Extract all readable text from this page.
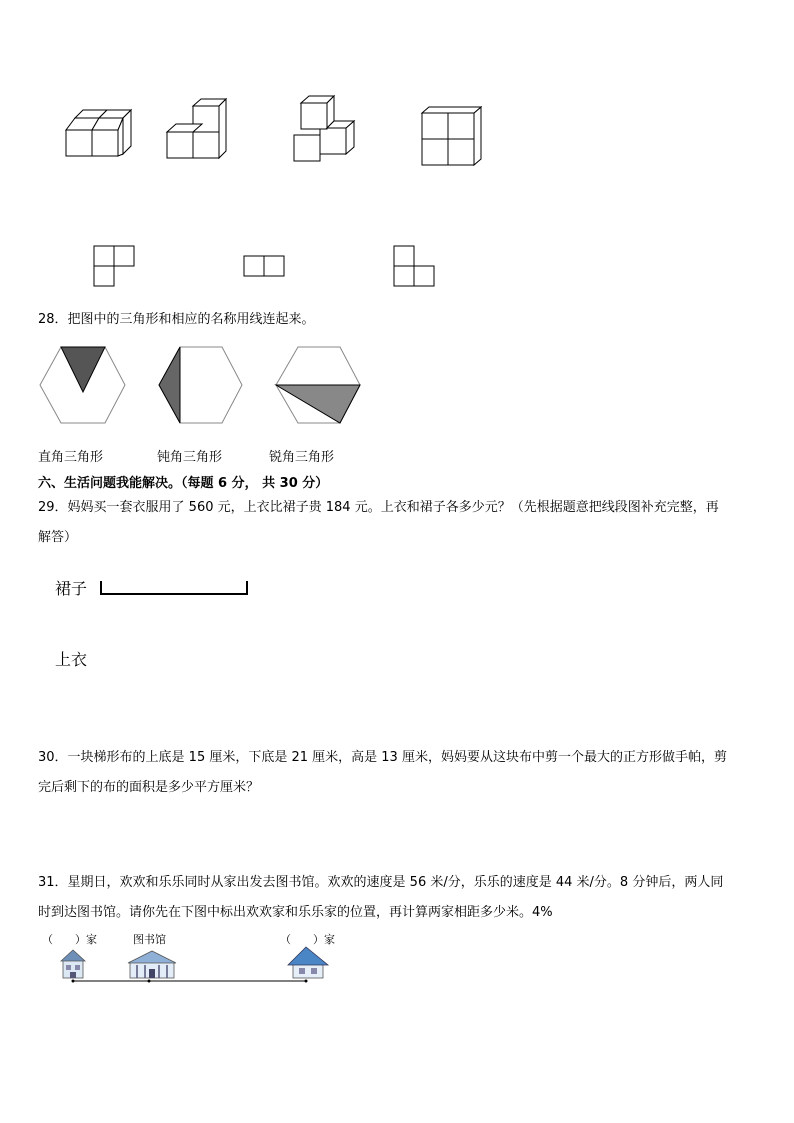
28．把图中的三角形和相应的名称用线连起来。
直角三角形	钝角三角形	锐角三角形
六、生活问题我能解决。（每题 6 分， 共 30 分）
29．妈妈买一套衣服用了 560 元，上衣比裙子贵 184 元。上衣和裙子各多少元？（先根据题意把线段图补充完整，再
解答）
裙子
上衣
30．一块梯形布的上底是 15 厘米，下底是 21 厘米，高是 13 厘米，妈妈要从这块布中剪一个最大的正方形做手帕，剪
完后剩下的布的面积是多少平方厘米？
31．星期日，欢欢和乐乐同时从家出发去图书馆。欢欢的速度是 56 米/分，乐乐的速度是 44 米/分。8 分钟后，两人同
时到达图书馆。请你先在下图中标出欢欢家和乐乐家的位置，再计算两家相距多少米。4%
（　　）家	图书馆	（　　）家
